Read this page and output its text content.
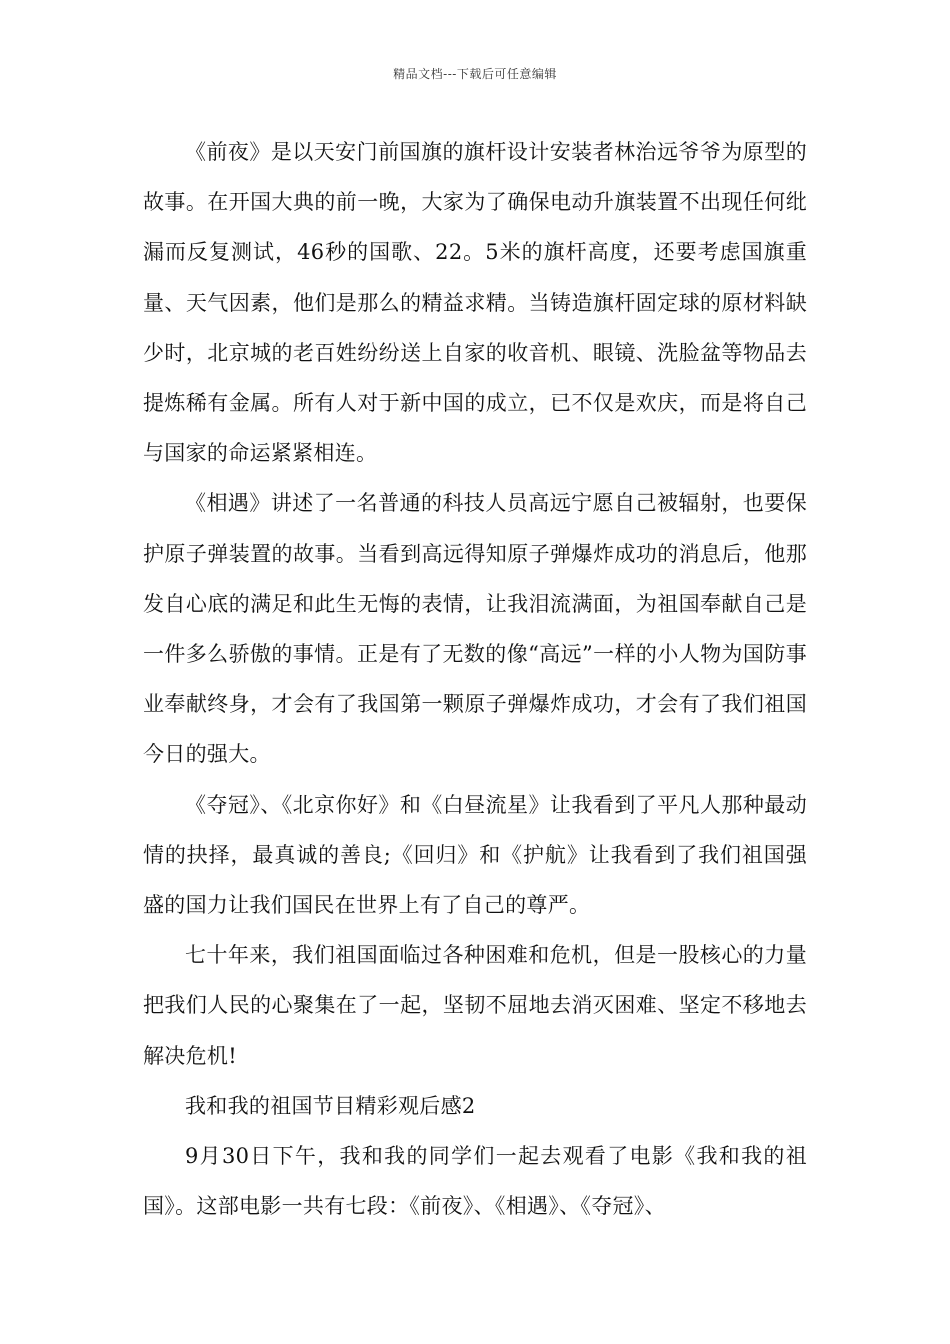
精品文档---下载后可任意编辑

《前夜》是以天安门前国旗的旗杆设计安装者林治远爷爷为原型的故事。在开国大典的前一晚，大家为了确保电动升旗装置不出现任何纰漏而反复测试，46秒的国歌、22。5米的旗杆高度，还要考虑国旗重量、天气因素，他们是那么的精益求精。当铸造旗杆固定球的原材料缺少时，北京城的老百姓纷纷送上自家的收音机、眼镜、洗脸盆等物品去提炼稀有金属。所有人对于新中国的成立，已不仅是欢庆，而是将自己与国家的命运紧紧相连。

《相遇》讲述了一名普通的科技人员高远宁愿自己被辐射，也要保护原子弹装置的故事。当看到高远得知原子弹爆炸成功的消息后，他那发自心底的满足和此生无悔的表情，让我泪流满面，为祖国奉献自己是一件多么骄傲的事情。正是有了无数的像“高远”一样的小人物为国防事业奉献终身，才会有了我国第一颗原子弹爆炸成功，才会有了我们祖国今日的强大。

《夺冠》、《北京你好》和《白昼流星》让我看到了平凡人那种最动情的抉择，最真诚的善良;《回归》和《护航》让我看到了我们祖国强盛的国力让我们国民在世界上有了自己的尊严。

七十年来，我们祖国面临过各种困难和危机，但是一股核心的力量把我们人民的心聚集在了一起，坚韧不屈地去消灭困难、坚定不移地去解决危机!

我和我的祖国节目精彩观后感2

9月30日下午，我和我的同学们一起去观看了电影《我和我的祖国》。这部电影一共有七段：《前夜》、《相遇》、《夺冠》、
